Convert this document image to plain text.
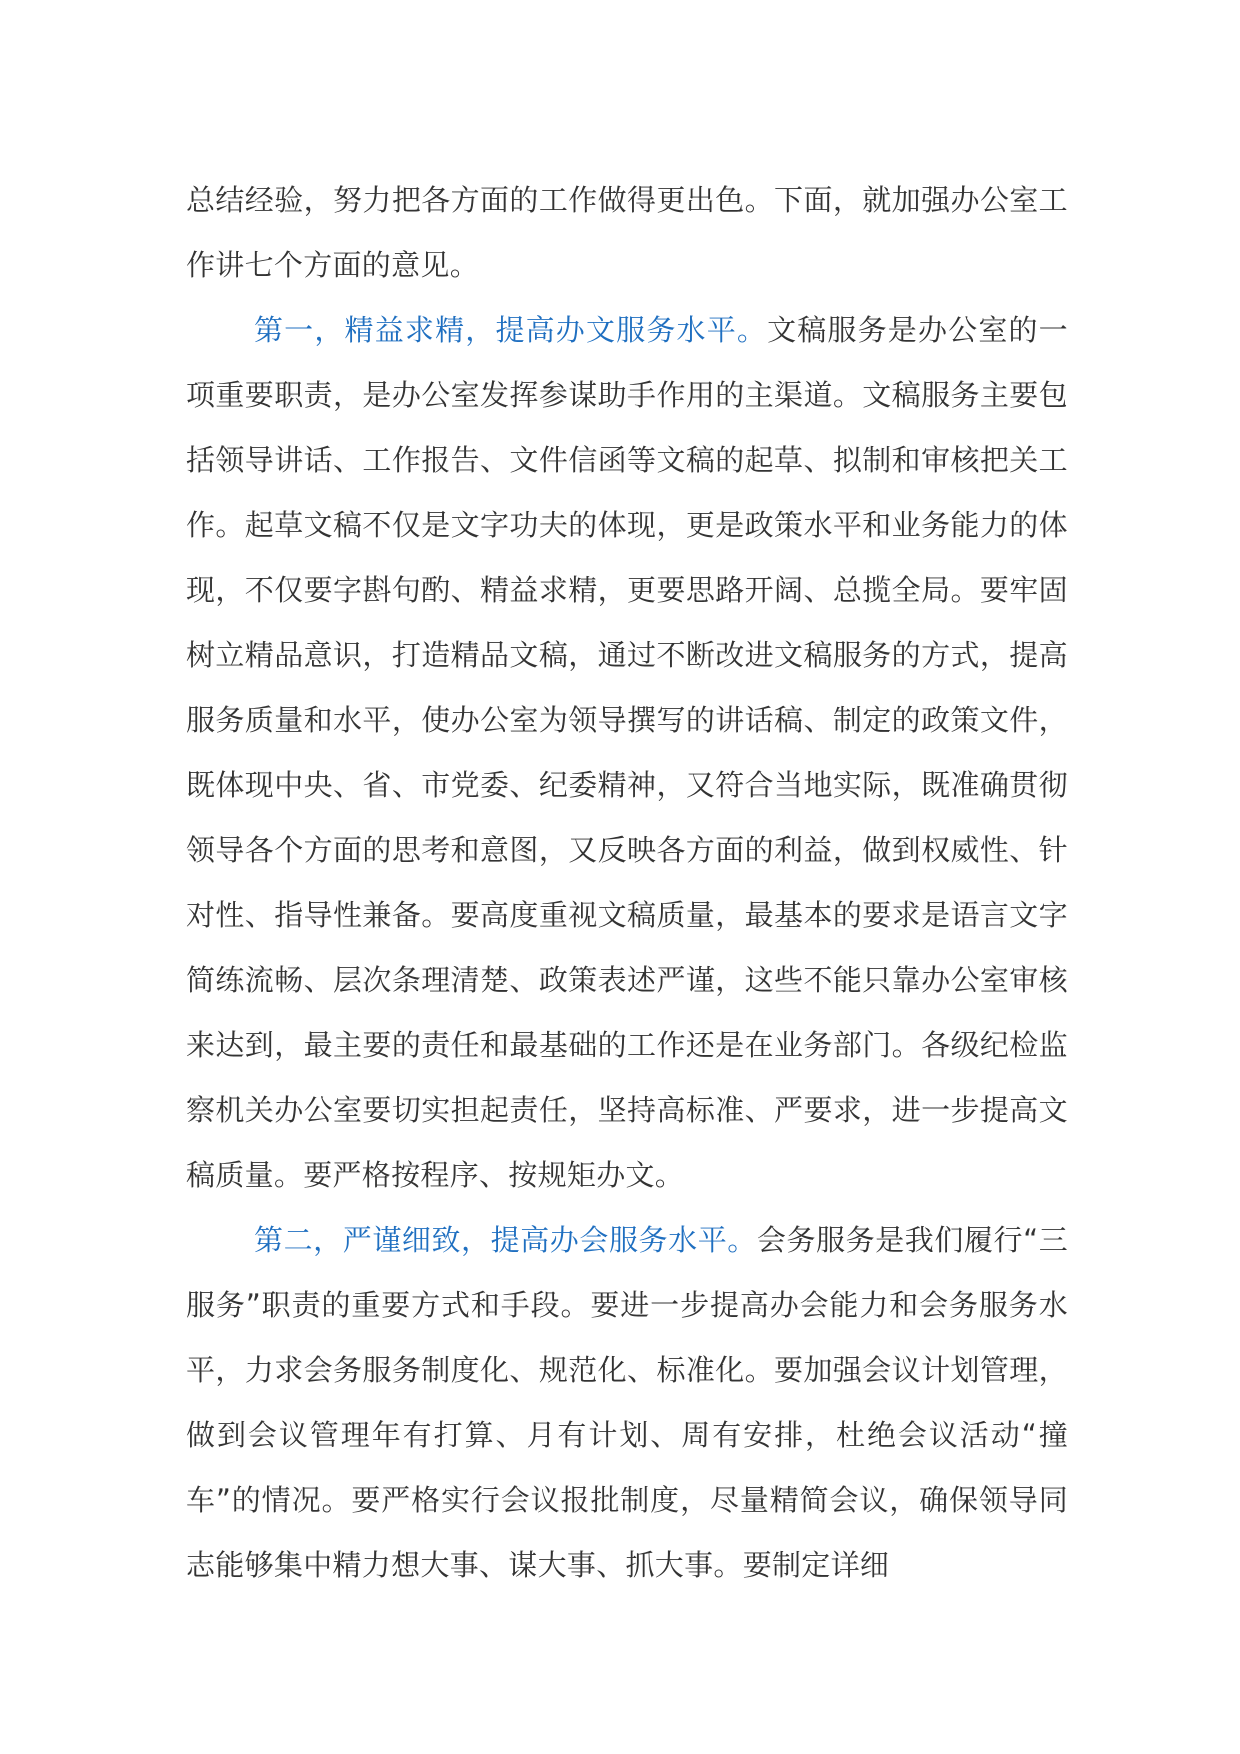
总结经验，努力把各方面的工作做得更出色。下面，就加强办公室工作讲七个方面的意见。

第一，精益求精，提高办文服务水平。文稿服务是办公室的一项重要职责，是办公室发挥参谋助手作用的主渠道。文稿服务主要包括领导讲话、工作报告、文件信函等文稿的起草、拟制和审核把关工作。起草文稿不仅是文字功夫的体现，更是政策水平和业务能力的体现，不仅要字斟句酌、精益求精，更要思路开阔、总揽全局。要牢固树立精品意识，打造精品文稿，通过不断改进文稿服务的方式，提高服务质量和水平，使办公室为领导撰写的讲话稿、制定的政策文件，既体现中央、省、市党委、纪委精神，又符合当地实际，既准确贯彻领导各个方面的思考和意图，又反映各方面的利益，做到权威性、针对性、指导性兼备。要高度重视文稿质量，最基本的要求是语言文字简练流畅、层次条理清楚、政策表述严谨，这些不能只靠办公室审核来达到，最主要的责任和最基础的工作还是在业务部门。各级纪检监察机关办公室要切实担起责任，坚持高标准、严要求，进一步提高文稿质量。要严格按程序、按规矩办文。

第二，严谨细致，提高办会服务水平。会务服务是我们履行“三服务”职责的重要方式和手段。要进一步提高办会能力和会务服务水平，力求会务服务制度化、规范化、标准化。要加强会议计划管理，做到会议管理年有打算、月有计划、周有安排，杜绝会议活动“撞车”的情况。要严格实行会议报批制度，尽量精简会议，确保领导同志能够集中精力想大事、谋大事、抓大事。要制定详细
